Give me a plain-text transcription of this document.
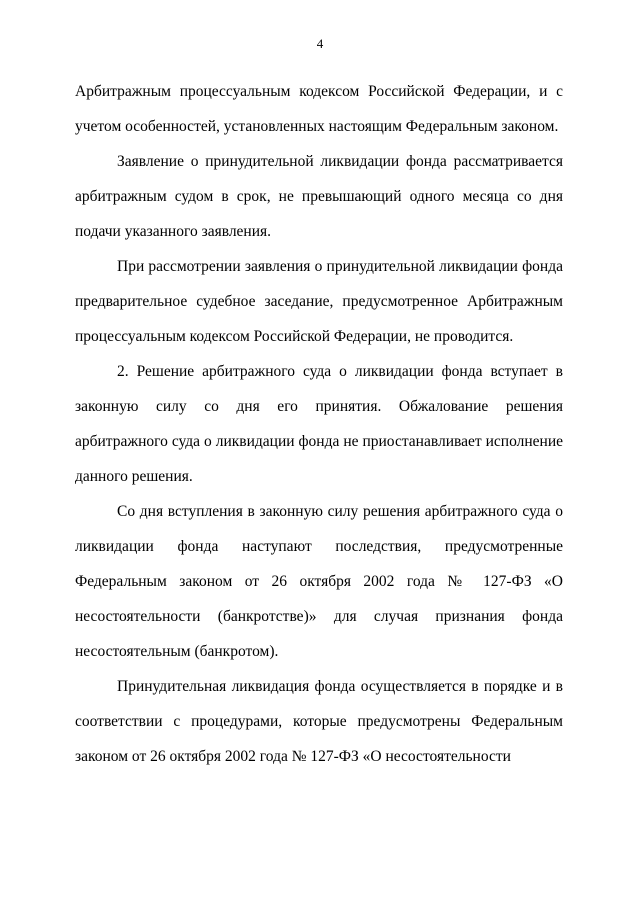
4

Арбитражным процессуальным кодексом Российской Федерации, и с учетом особенностей, установленных настоящим Федеральным законом.

Заявление о принудительной ликвидации фонда рассматривается арбитражным судом в срок, не превышающий одного месяца со дня подачи указанного заявления.

При рассмотрении заявления о принудительной ликвидации фонда предварительное судебное заседание, предусмотренное Арбитражным процессуальным кодексом Российской Федерации, не проводится.

2. Решение арбитражного суда о ликвидации фонда вступает в законную силу со дня его принятия. Обжалование решения арбитражного суда о ликвидации фонда не приостанавливает исполнение данного решения.

Со дня вступления в законную силу решения арбитражного суда о ликвидации фонда наступают последствия, предусмотренные Федеральным законом от 26 октября 2002 года № 127-ФЗ «О несостоятельности (банкротстве)» для случая признания фонда несостоятельным (банкротом).

Принудительная ликвидация фонда осуществляется в порядке и в соответствии с процедурами, которые предусмотрены Федеральным законом от 26 октября 2002 года № 127-ФЗ «О несостоятельности
